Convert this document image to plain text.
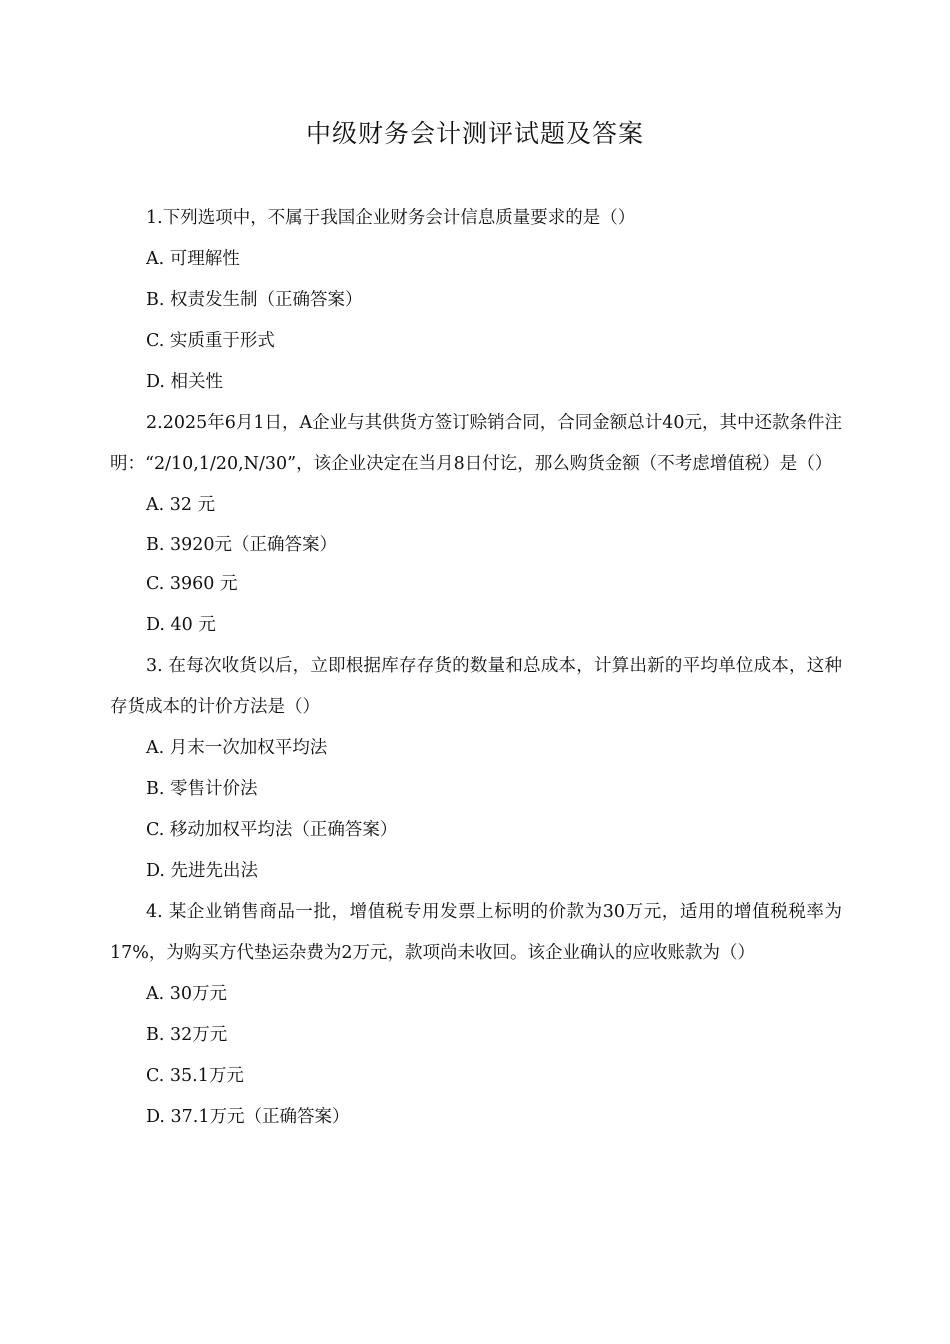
中级财务会计测评试题及答案

1.下列选项中，不属于我国企业财务会计信息质量要求的是（）

A. 可理解性

B. 权责发生制（正确答案）

C. 实质重于形式

D. 相关性

2.2025年6月1日，A企业与其供货方签订赊销合同，合同金额总计40元，其中还款条件注明：“2/10,1/20,N/30”，该企业决定在当月8日付讫，那么购货金额（不考虑增值税）是（）

A. 32 元

B. 3920元（正确答案）

C. 3960 元

D. 40 元

3. 在每次收货以后，立即根据库存存货的数量和总成本，计算出新的平均单位成本，这种存货成本的计价方法是（）

A. 月末一次加权平均法

B. 零售计价法

C. 移动加权平均法（正确答案）

D. 先进先出法

4. 某企业销售商品一批，增值税专用发票上标明的价款为30万元，适用的增值税税率为17%，为购买方代垫运杂费为2万元，款项尚未收回。该企业确认的应收账款为（）

A. 30万元

B. 32万元

C. 35.1万元

D. 37.1万元（正确答案）
